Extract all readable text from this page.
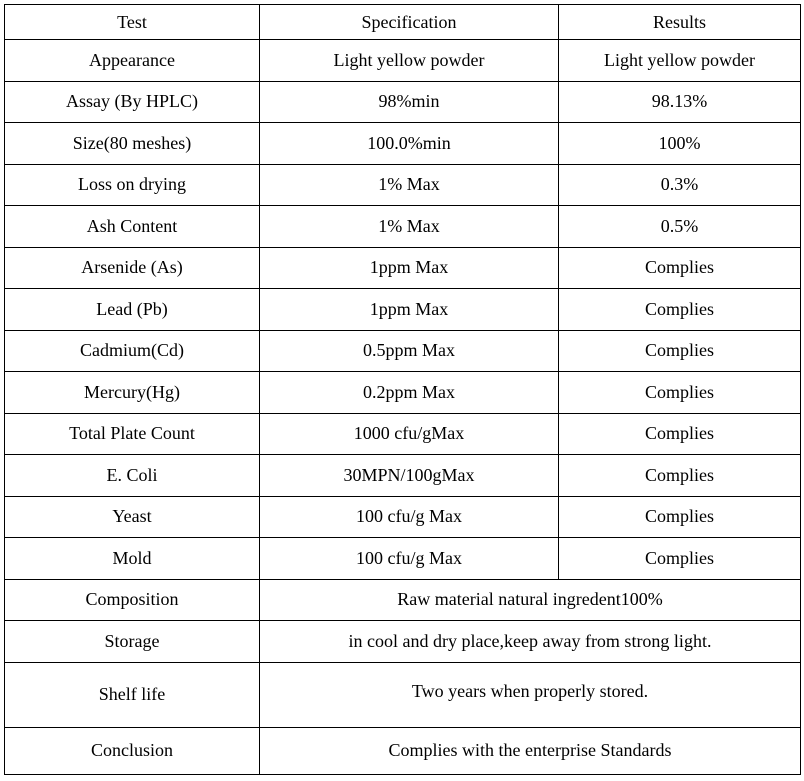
Test	Specification	Results
Appearance	Light yellow powder	Light yellow powder
Assay (By HPLC)	98%min	98.13%
Size(80 meshes)	100.0%min	100%
Loss on drying	1% Max	0.3%
Ash Content	1% Max	0.5%
Arsenide (As)	1ppm Max	Complies
Lead (Pb)	1ppm Max	Complies
Cadmium(Cd)	0.5ppm Max	Complies
Mercury(Hg)	0.2ppm Max	Complies
Total Plate Count	1000 cfu/gMax	Complies
E. Coli	30MPN/100gMax	Complies
Yeast	100 cfu/g Max	Complies
Mold	100 cfu/g Max	Complies
Composition	Raw material natural ingredent100%	
Storage	in cool and dry place,keep away from strong light.	
Shelf life	Two years when properly stored.	
Conclusion	Complies with the enterprise Standards	
